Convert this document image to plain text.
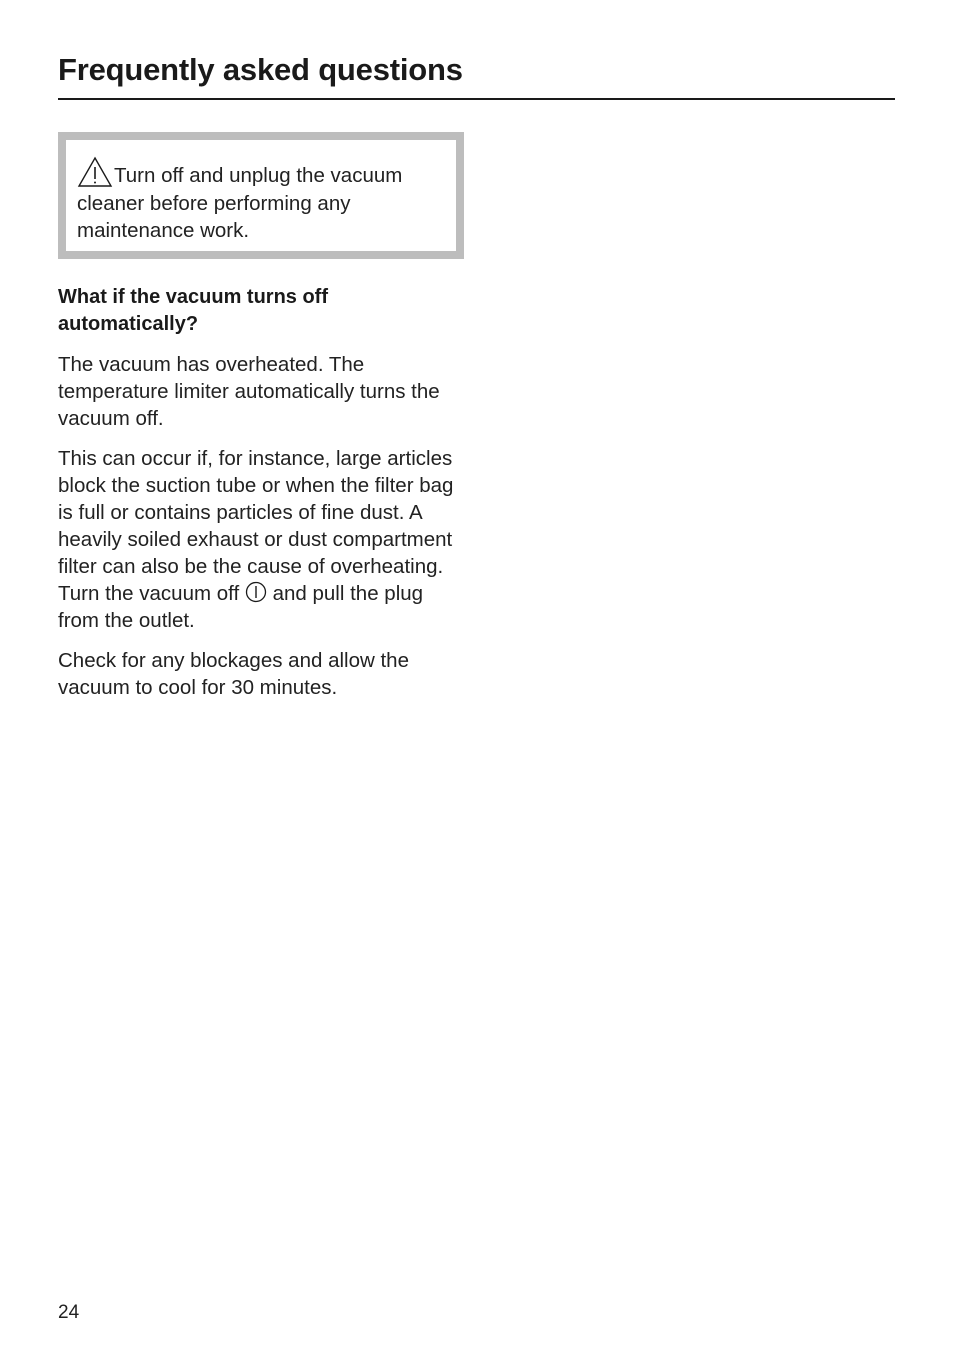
Frequently asked questions
Turn off and unplug the vacuum cleaner before performing any maintenance work.

What if the vacuum turns off automatically?

The vacuum has overheated. The temperature limiter automatically turns the vacuum off.

This can occur if, for instance, large articles block the suction tube or when the filter bag is full or contains particles of fine dust. A heavily soiled exhaust or dust compartment filter can also be the cause of overheating. Turn the vacuum off and pull the plug from the outlet.

Check for any blockages and allow the vacuum to cool for 30 minutes.

24
